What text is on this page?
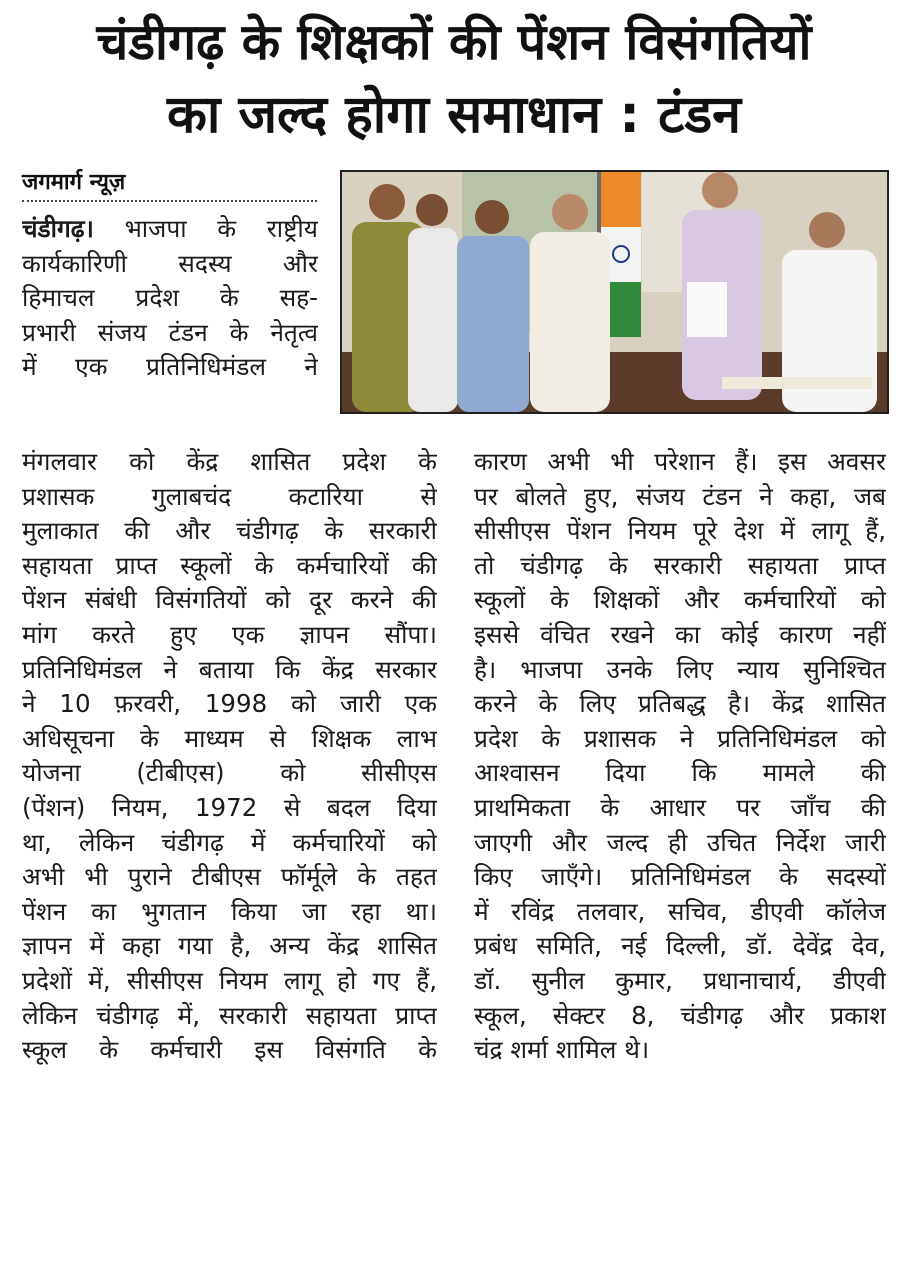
चंडीगढ़ के शिक्षकों की पेंशन विसंगतियों
का जल्द होगा समाधान : टंडन
जगमार्ग न्यूज़
चंडीगढ़। भाजपा के राष्ट्रीय
कार्यकारिणी सदस्य और
हिमाचल प्रदेश के सह-
प्रभारी संजय टंडन के नेतृत्व
में एक प्रतिनिधिमंडल ने
मंगलवार को केंद्र शासित प्रदेश के
प्रशासक गुलाबचंद कटारिया से
मुलाकात की और चंडीगढ़ के सरकारी
सहायता प्राप्त स्कूलों के कर्मचारियों की
पेंशन संबंधी विसंगतियों को दूर करने की
मांग करते हुए एक ज्ञापन सौंपा।
प्रतिनिधिमंडल ने बताया कि केंद्र सरकार
ने 10 फ़रवरी, 1998 को जारी एक
अधिसूचना के माध्यम से शिक्षक लाभ
योजना (टीबीएस) को सीसीएस
(पेंशन) नियम, 1972 से बदल दिया
था, लेकिन चंडीगढ़ में कर्मचारियों को
अभी भी पुराने टीबीएस फॉर्मूले के तहत
पेंशन का भुगतान किया जा रहा था।
ज्ञापन में कहा गया है, अन्य केंद्र शासित
प्रदेशों में, सीसीएस नियम लागू हो गए हैं,
लेकिन चंडीगढ़ में, सरकारी सहायता प्राप्त
स्कूल के कर्मचारी इस विसंगति के
कारण अभी भी परेशान हैं। इस अवसर
पर बोलते हुए, संजय टंडन ने कहा, जब
सीसीएस पेंशन नियम पूरे देश में लागू हैं,
तो चंडीगढ़ के सरकारी सहायता प्राप्त
स्कूलों के शिक्षकों और कर्मचारियों को
इससे वंचित रखने का कोई कारण नहीं
है। भाजपा उनके लिए न्याय सुनिश्चित
करने के लिए प्रतिबद्ध है। केंद्र शासित
प्रदेश के प्रशासक ने प्रतिनिधिमंडल को
आश्वासन दिया कि मामले की
प्राथमिकता के आधार पर जाँच की
जाएगी और जल्द ही उचित निर्देश जारी
किए जाएँगे। प्रतिनिधिमंडल के सदस्यों
में रविंद्र तलवार, सचिव, डीएवी कॉलेज
प्रबंध समिति, नई दिल्ली, डॉ. देवेंद्र देव,
डॉ. सुनील कुमार, प्रधानाचार्य, डीएवी
स्कूल, सेक्टर 8, चंडीगढ़ और प्रकाश
चंद्र शर्मा शामिल थे।
